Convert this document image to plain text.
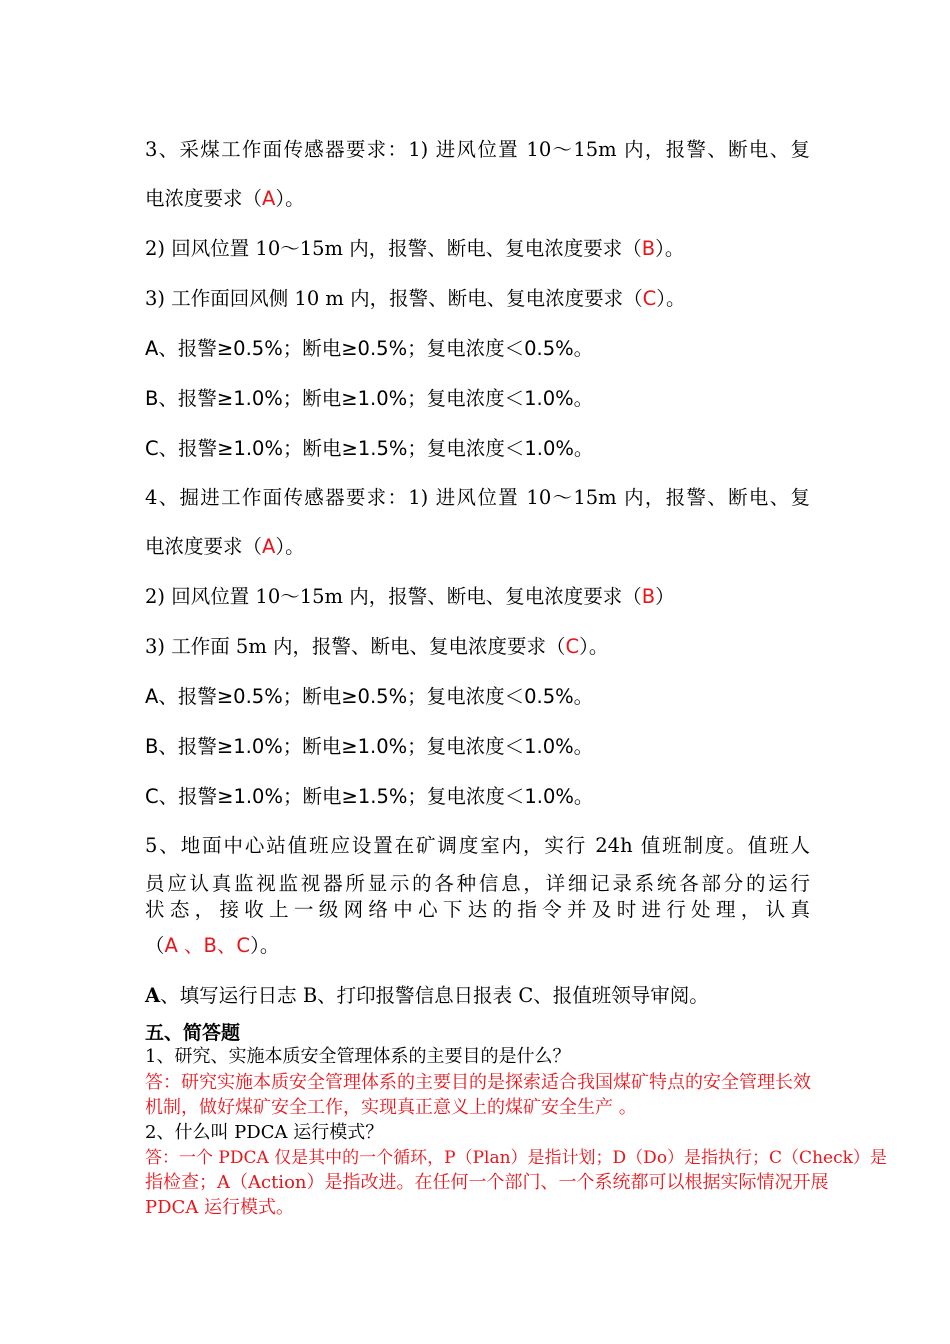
3、采煤工作面传感器要求：1) 进风位置 10～15m 内，报警、断电、复
电浓度要求（A）。
2) 回风位置 10～15m 内，报警、断电、复电浓度要求（B）。
3) 工作面回风侧 10 m 内，报警、断电、复电浓度要求（C）。
A、报警≥0.5%；断电≥0.5%；复电浓度＜0.5%。
B、报警≥1.0%；断电≥1.0%；复电浓度＜1.0%。
C、报警≥1.0%；断电≥1.5%；复电浓度＜1.0%。
4、掘进工作面传感器要求：1) 进风位置 10～15m 内，报警、断电、复
电浓度要求（A）。
2) 回风位置 10～15m 内，报警、断电、复电浓度要求（B）
3) 工作面 5m 内，报警、断电、复电浓度要求（C）。
A、报警≥0.5%；断电≥0.5%；复电浓度＜0.5%。
B、报警≥1.0%；断电≥1.0%；复电浓度＜1.0%。
C、报警≥1.0%；断电≥1.5%；复电浓度＜1.0%。
5、地面中心站值班应设置在矿调度室内，实行 24h 值班制度。值班人
员应认真监视监视器所显示的各种信息，详细记录系统各部分的运行
状态，接收上一级网络中心下达的指令并及时进行处理，认真
（A 、B、C）。
A、填写运行日志 B、打印报警信息日报表 C、报值班领导审阅。
五、简答题
1、研究、实施本质安全管理体系的主要目的是什么？
答：研究实施本质安全管理体系的主要目的是探索适合我国煤矿特点的安全管理长效
机制，做好煤矿安全工作，实现真正意义上的煤矿安全生产 。
2、什么叫 PDCA 运行模式？
答：一个 PDCA 仅是其中的一个循环，P（Plan）是指计划；D（Do）是指执行；C（Check）是
指检查；A（Action）是指改进。在任何一个部门、一个系统都可以根据实际情况开展
PDCA 运行模式。
